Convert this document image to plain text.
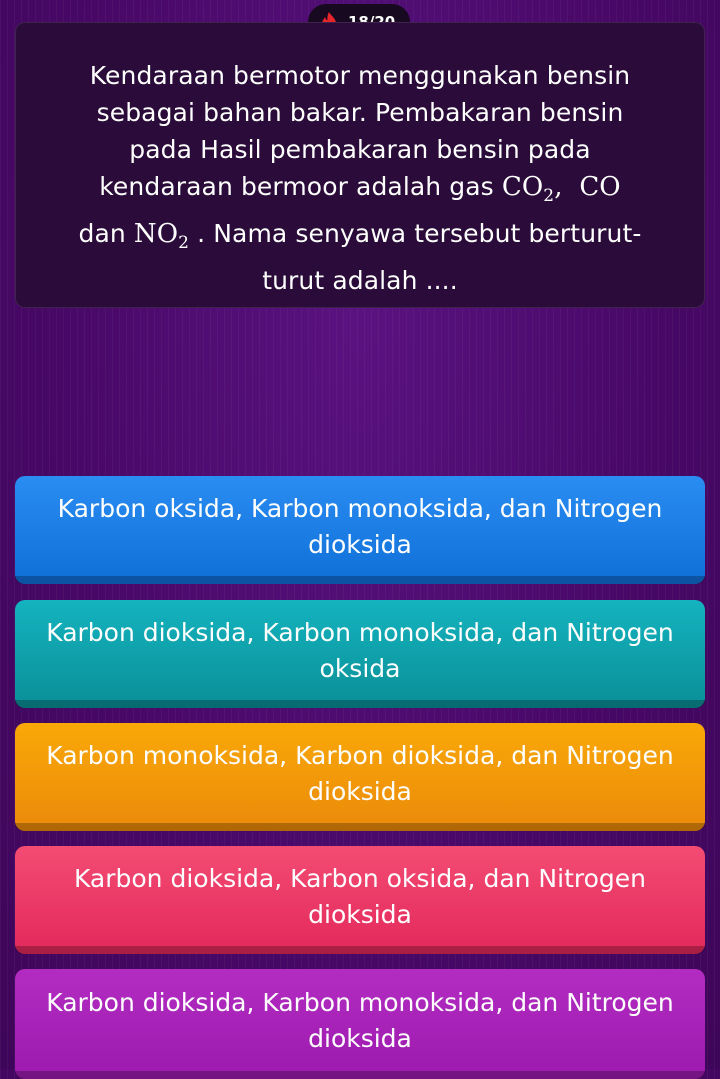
Kendaraan bermotor menggunakan bensin
sebagai bahan bakar. Pembakaran bensin
pada Hasil pembakaran bensin pada
kendaraan bermoor adalah gas $CO_2$, CO
dan $NO_2$ . Nama senyawa tersebut berturut-
turut adalah ....
Karbon oksida, Karbon monoksida, dan Nitrogen dioksida
Karbon dioksida, Karbon monoksida, dan Nitrogen oksida
Karbon monoksida, Karbon dioksida, dan Nitrogen dioksida
Karbon dioksida, Karbon oksida, dan Nitrogen dioksida
Karbon dioksida, Karbon monoksida, dan Nitrogen dioksida
